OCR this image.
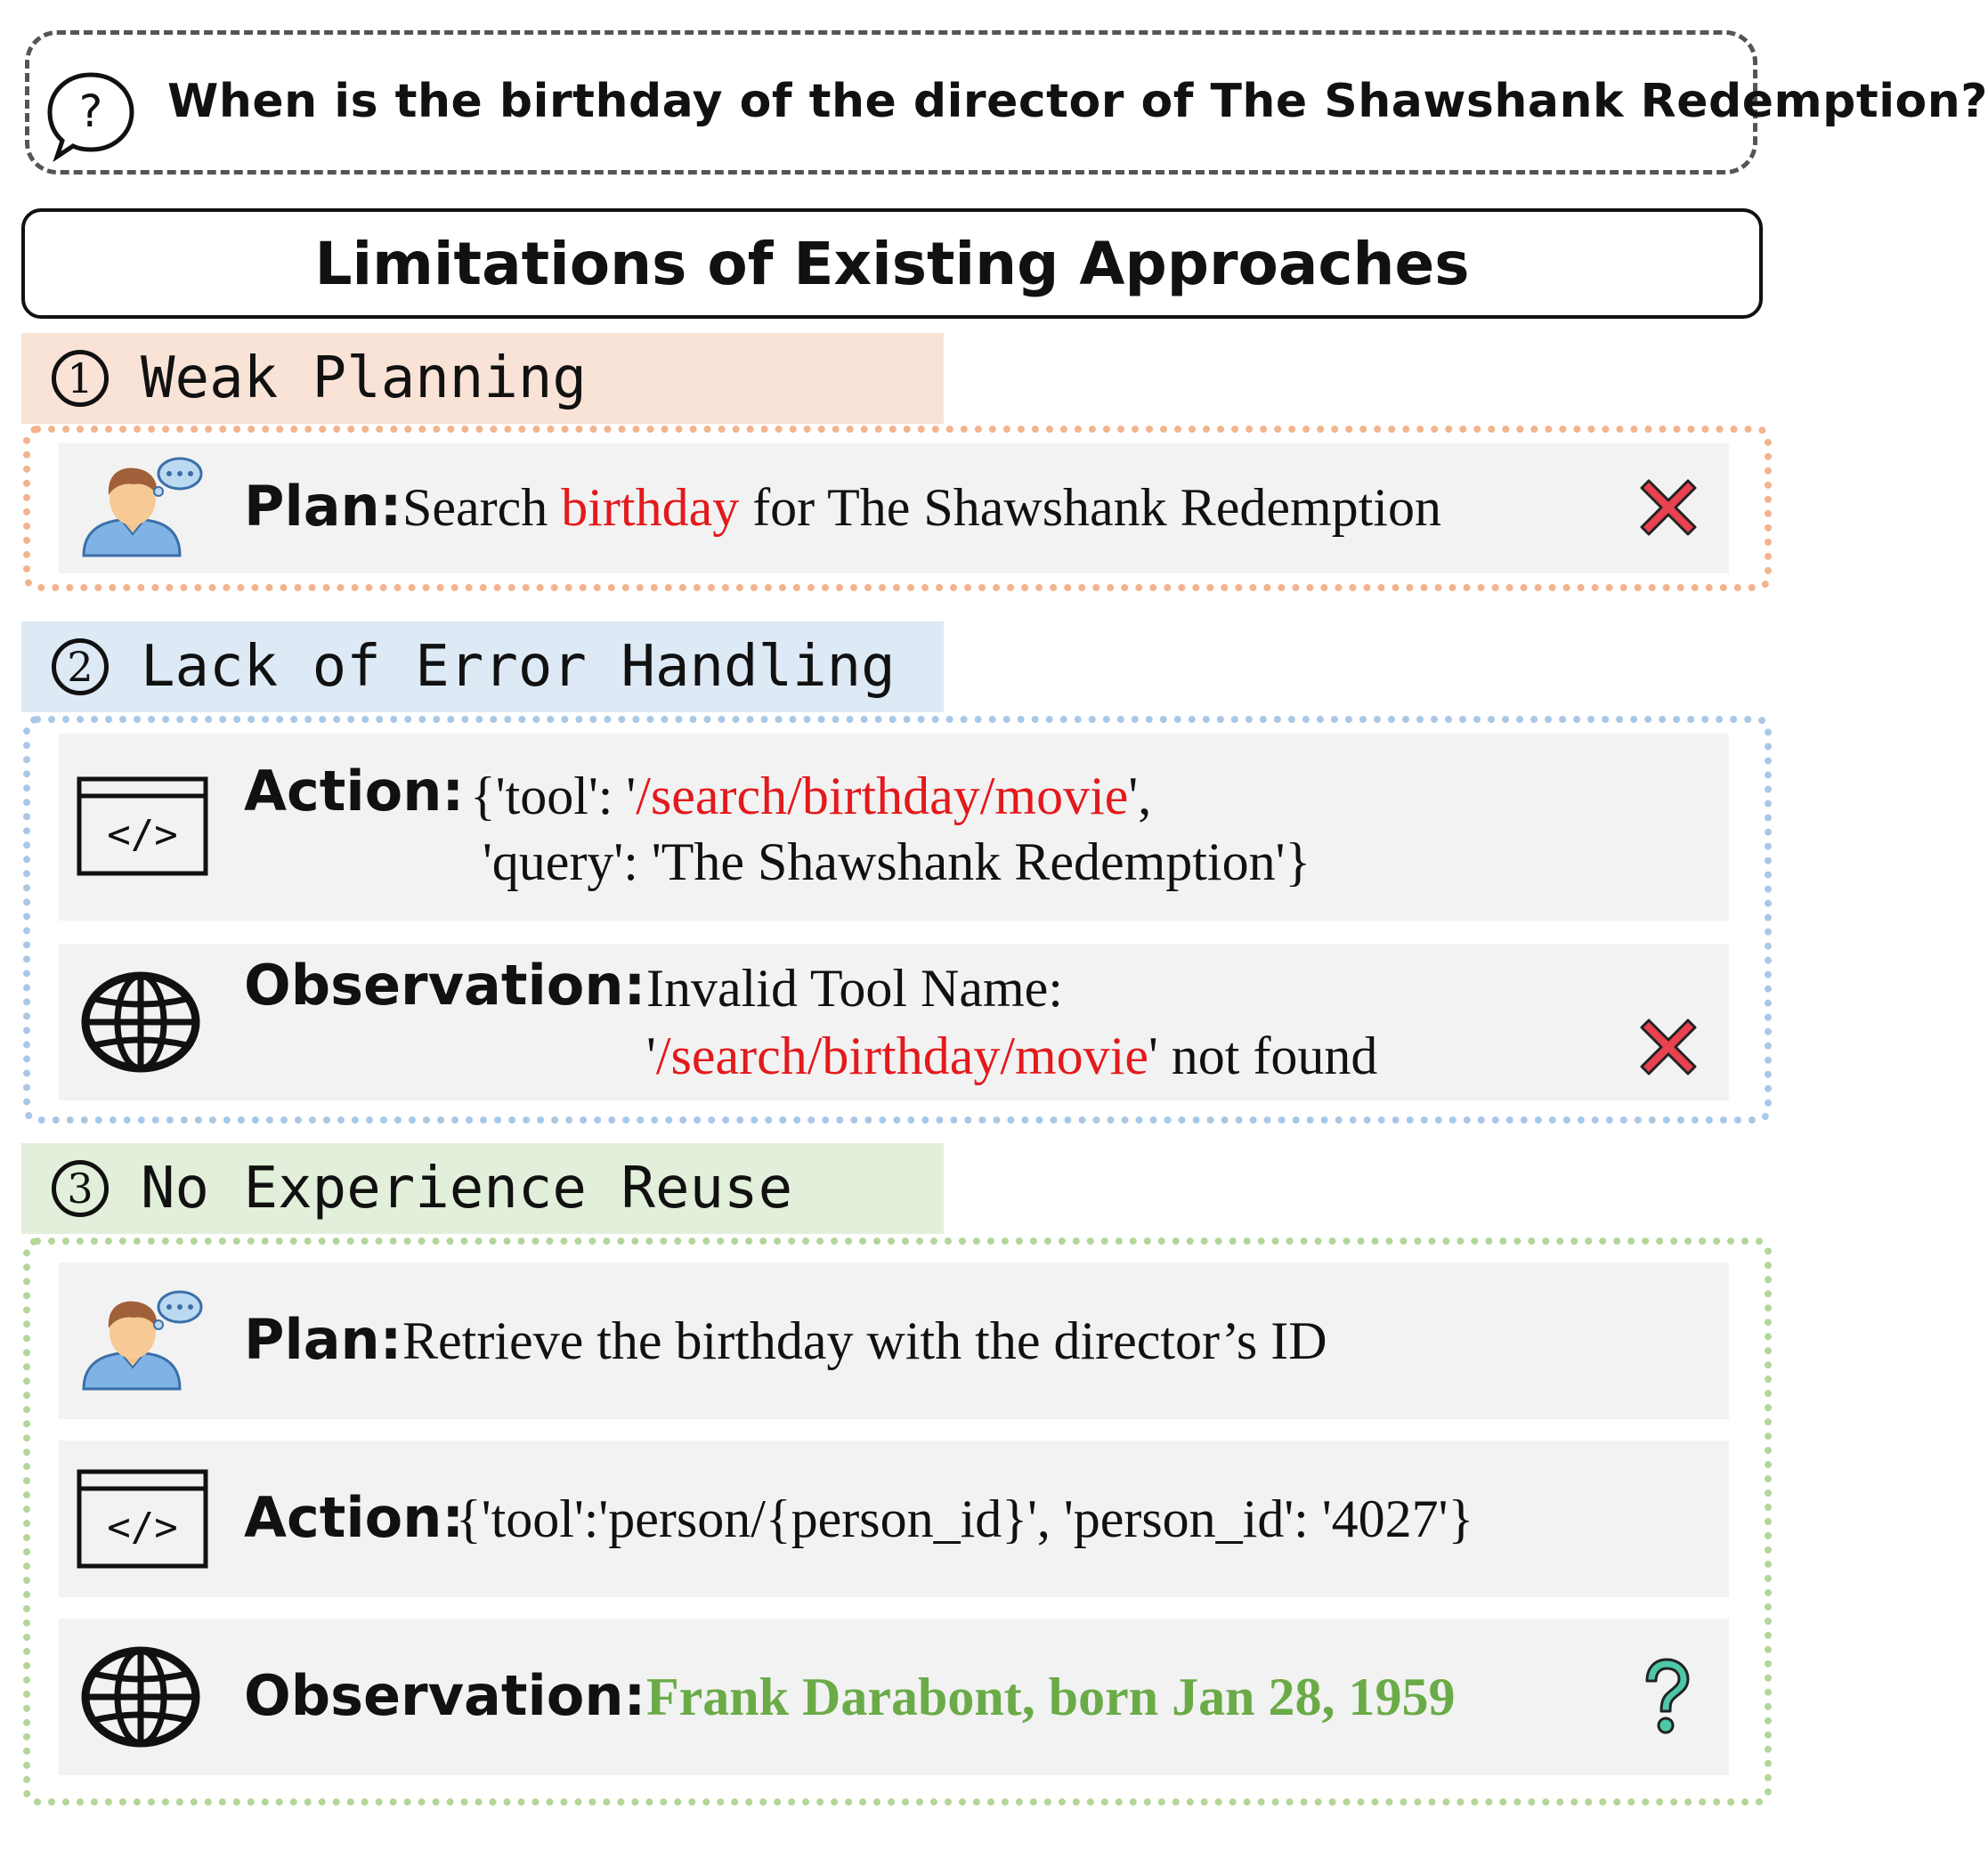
? When is the birthday of the director of The Shawshank Redemption?
Limitations of Existing Approaches
1 Weak Planning
Plan: Search birthday for The Shawshank Redemption
2 Lack of Error Handling
</>
Action: {'tool': '/search/birthday/movie',
'query': 'The Shawshank Redemption'}
Observation: Invalid Tool Name:
'/search/birthday/movie' not found
3 No Experience Reuse
Plan: Retrieve the birthday with the director’s ID
</> Action:
{'tool':'person/{person_id}', 'person_id': '4027'}
Observation: Frank Darabont, born Jan 28, 1959
